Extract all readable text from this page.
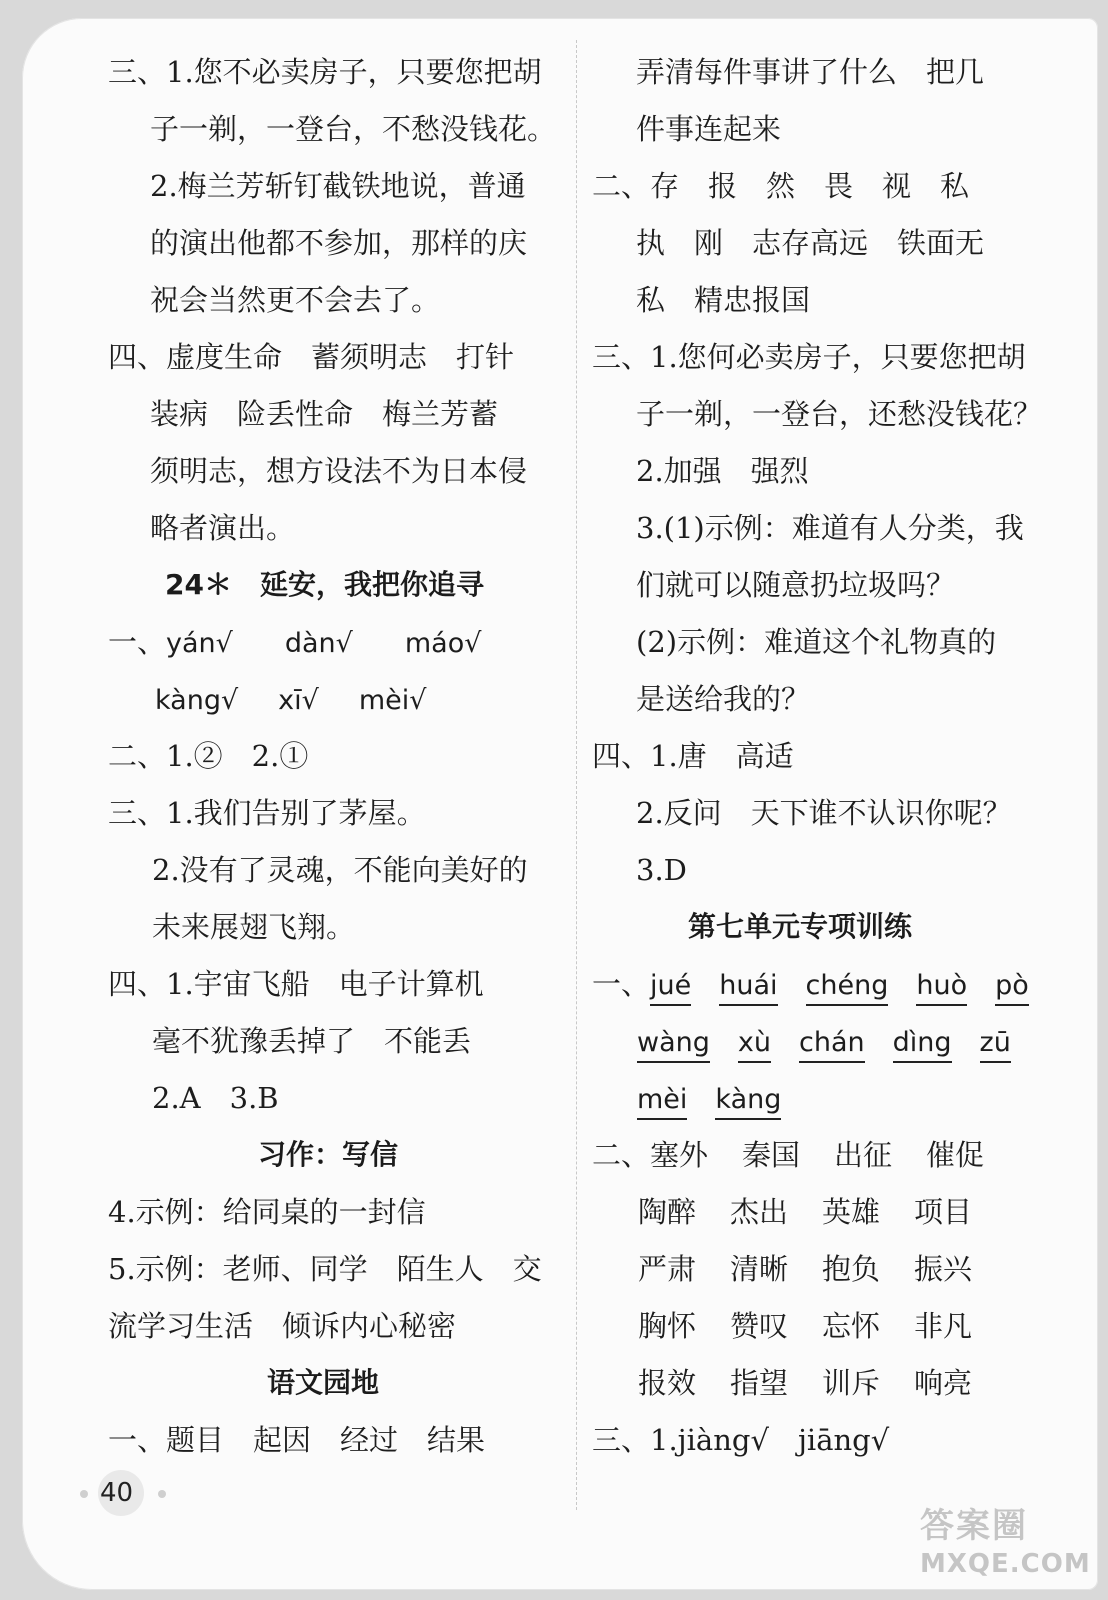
三、1.您不必卖房子，只要您把胡
子一剃，一登台，不愁没钱花。
2.梅兰芳斩钉截铁地说，普通
的演出他都不参加，那样的庆
祝会当然更不会去了。
四、虚度生命　蓄须明志　打针
装病　险丢性命　梅兰芳蓄
须明志，想方设法不为日本侵
略者演出。
24＊　延安，我把你追寻
一、yán√ dàn√ máo√
kàng√ xī√ mèi√
二、1.②　2.①
三、1.我们告别了茅屋。
2.没有了灵魂，不能向美好的
未来展翅飞翔。
四、1.宇宙飞船　电子计算机
毫不犹豫丢掉了　不能丢
2.A　3.B
习作：写信
4.示例：给同桌的一封信
5.示例：老师、同学　陌生人　交
流学习生活　倾诉内心秘密
语文园地
一、题目　起因　经过　结果
弄清每件事讲了什么　把几
件事连起来
二、存　报　然　畏　视　私
执　刚　志存高远　铁面无
私　精忠报国
三、1.您何必卖房子，只要您把胡
子一剃，一登台，还愁没钱花？
2.加强　强烈
3.(1)示例：难道有人分类，我
们就可以随意扔垃圾吗？
(2)示例：难道这个礼物真的
是送给我的？
四、1.唐　高适
2.反问　天下谁不认识你呢？
3.D
第七单元专项训练
一、jué huái chéng huò pò
wàng xù chán dìng zū
mèi kàng
二、塞外 秦国 出征 催促
陶醉 杰出 英雄 项目
严肃 清晰 抱负 振兴
胸怀 赞叹 忘怀 非凡
报效 指望 训斥 响亮
三、1.jiàng√　jiāng√
40
答案圈
MXQE.COM
